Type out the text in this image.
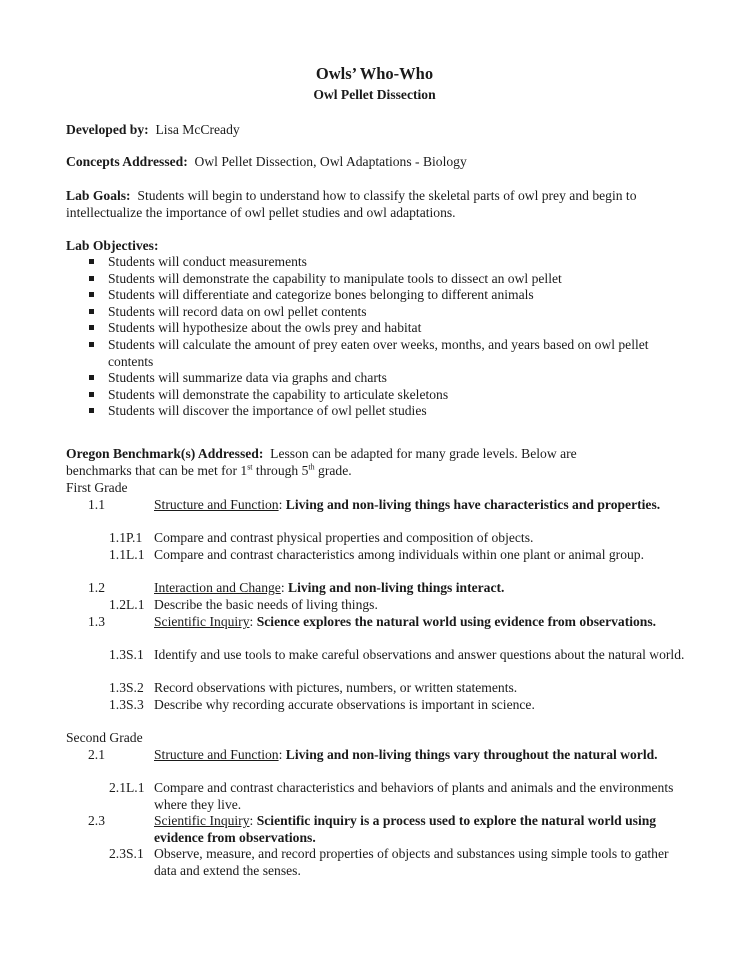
Owls’ Who-Who
Owl Pellet Dissection
Developed by: Lisa McCready
Concepts Addressed: Owl Pellet Dissection, Owl Adaptations - Biology
Lab Goals: Students will begin to understand how to classify the skeletal parts of owl prey and begin to
intellectualize the importance of owl pellet studies and owl adaptations.
Lab Objectives:
Students will conduct measurements
Students will demonstrate the capability to manipulate tools to dissect an owl pellet
Students will differentiate and categorize bones belonging to different animals
Students will record data on owl pellet contents
Students will hypothesize about the owls prey and habitat
Students will calculate the amount of prey eaten over weeks, months, and years based on owl pellet contents
Students will summarize data via graphs and charts
Students will demonstrate the capability to articulate skeletons
Students will discover the importance of owl pellet studies
Oregon Benchmark(s) Addressed: Lesson can be adapted for many grade levels. Below are
benchmarks that can be met for 1st through 5th grade.
First Grade
1.1	Structure and Function: Living and non-living things have characteristics and properties.
1.1P.1 Compare and contrast physical properties and composition of objects.
1.1L.1 Compare and contrast characteristics among individuals within one plant or animal group.
1.2	Interaction and Change: Living and non-living things interact.
1.2L.1 Describe the basic needs of living things.
1.3	Scientific Inquiry: Science explores the natural world using evidence from observations.
1.3S.1 Identify and use tools to make careful observations and answer questions about the natural world.
1.3S.2 Record observations with pictures, numbers, or written statements.
1.3S.3 Describe why recording accurate observations is important in science.
Second Grade
2.1	Structure and Function: Living and non-living things vary throughout the natural world.
2.1L.1 Compare and contrast characteristics and behaviors of plants and animals and the environments where they live.
2.3	Scientific Inquiry: Scientific inquiry is a process used to explore the natural world using evidence from observations.
2.3S.1 Observe, measure, and record properties of objects and substances using simple tools to gather data and extend the senses.
